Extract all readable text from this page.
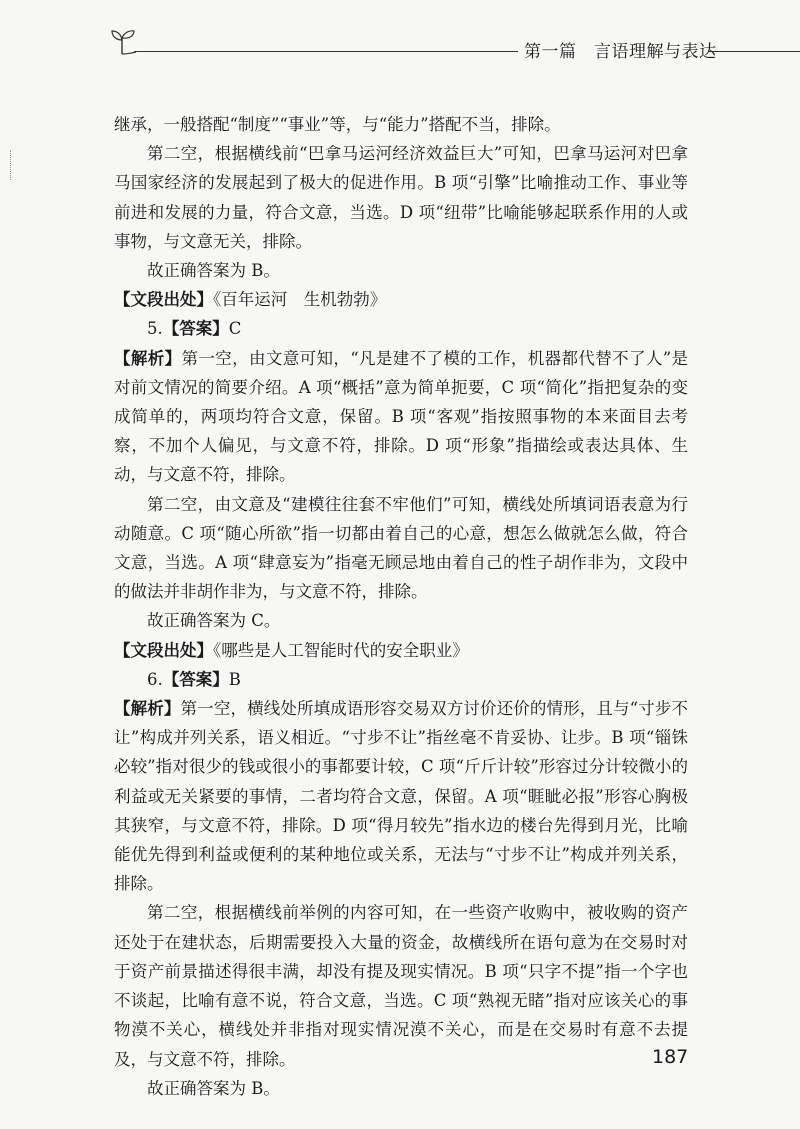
第一篇　言语理解与表达

继承，一般搭配“制度”“事业”等，与“能力”搭配不当，排除。

第二空，根据横线前“巴拿马运河经济效益巨大”可知，巴拿马运河对巴拿马国家经济的发展起到了极大的促进作用。B 项“引擎”比喻推动工作、事业等前进和发展的力量，符合文意，当选。D 项“纽带”比喻能够起联系作用的人或事物，与文意无关，排除。

故正确答案为 B。

【文段出处】《百年运河　生机勃勃》

5.【答案】C

【解析】第一空，由文意可知，“凡是建不了模的工作，机器都代替不了人”是对前文情况的简要介绍。A 项“概括”意为简单扼要，C 项“简化”指把复杂的变成简单的，两项均符合文意，保留。B 项“客观”指按照事物的本来面目去考察，不加个人偏见，与文意不符，排除。D 项“形象”指描绘或表达具体、生动，与文意不符，排除。

第二空，由文意及“建模往往套不牢他们”可知，横线处所填词语表意为行动随意。C 项“随心所欲”指一切都由着自己的心意，想怎么做就怎么做，符合文意，当选。A 项“肆意妄为”指毫无顾忌地由着自己的性子胡作非为，文段中的做法并非胡作非为，与文意不符，排除。

故正确答案为 C。

【文段出处】《哪些是人工智能时代的安全职业》

6.【答案】B

【解析】第一空，横线处所填成语形容交易双方讨价还价的情形，且与“寸步不让”构成并列关系，语义相近。“寸步不让”指丝毫不肯妥协、让步。B 项“锱铢必较”指对很少的钱或很小的事都要计较，C 项“斤斤计较”形容过分计较微小的利益或无关紧要的事情，二者均符合文意，保留。A 项“睚眦必报”形容心胸极其狭窄，与文意不符，排除。D 项“得月较先”指水边的楼台先得到月光，比喻能优先得到利益或便利的某种地位或关系，无法与“寸步不让”构成并列关系，排除。

第二空，根据横线前举例的内容可知，在一些资产收购中，被收购的资产还处于在建状态，后期需要投入大量的资金，故横线所在语句意为在交易时对于资产前景描述得很丰满，却没有提及现实情况。B 项“只字不提”指一个字也不谈起，比喻有意不说，符合文意，当选。C 项“熟视无睹”指对应该关心的事物漠不关心，横线处并非指对现实情况漠不关心，而是在交易时有意不去提及，与文意不符，排除。

故正确答案为 B。

187
